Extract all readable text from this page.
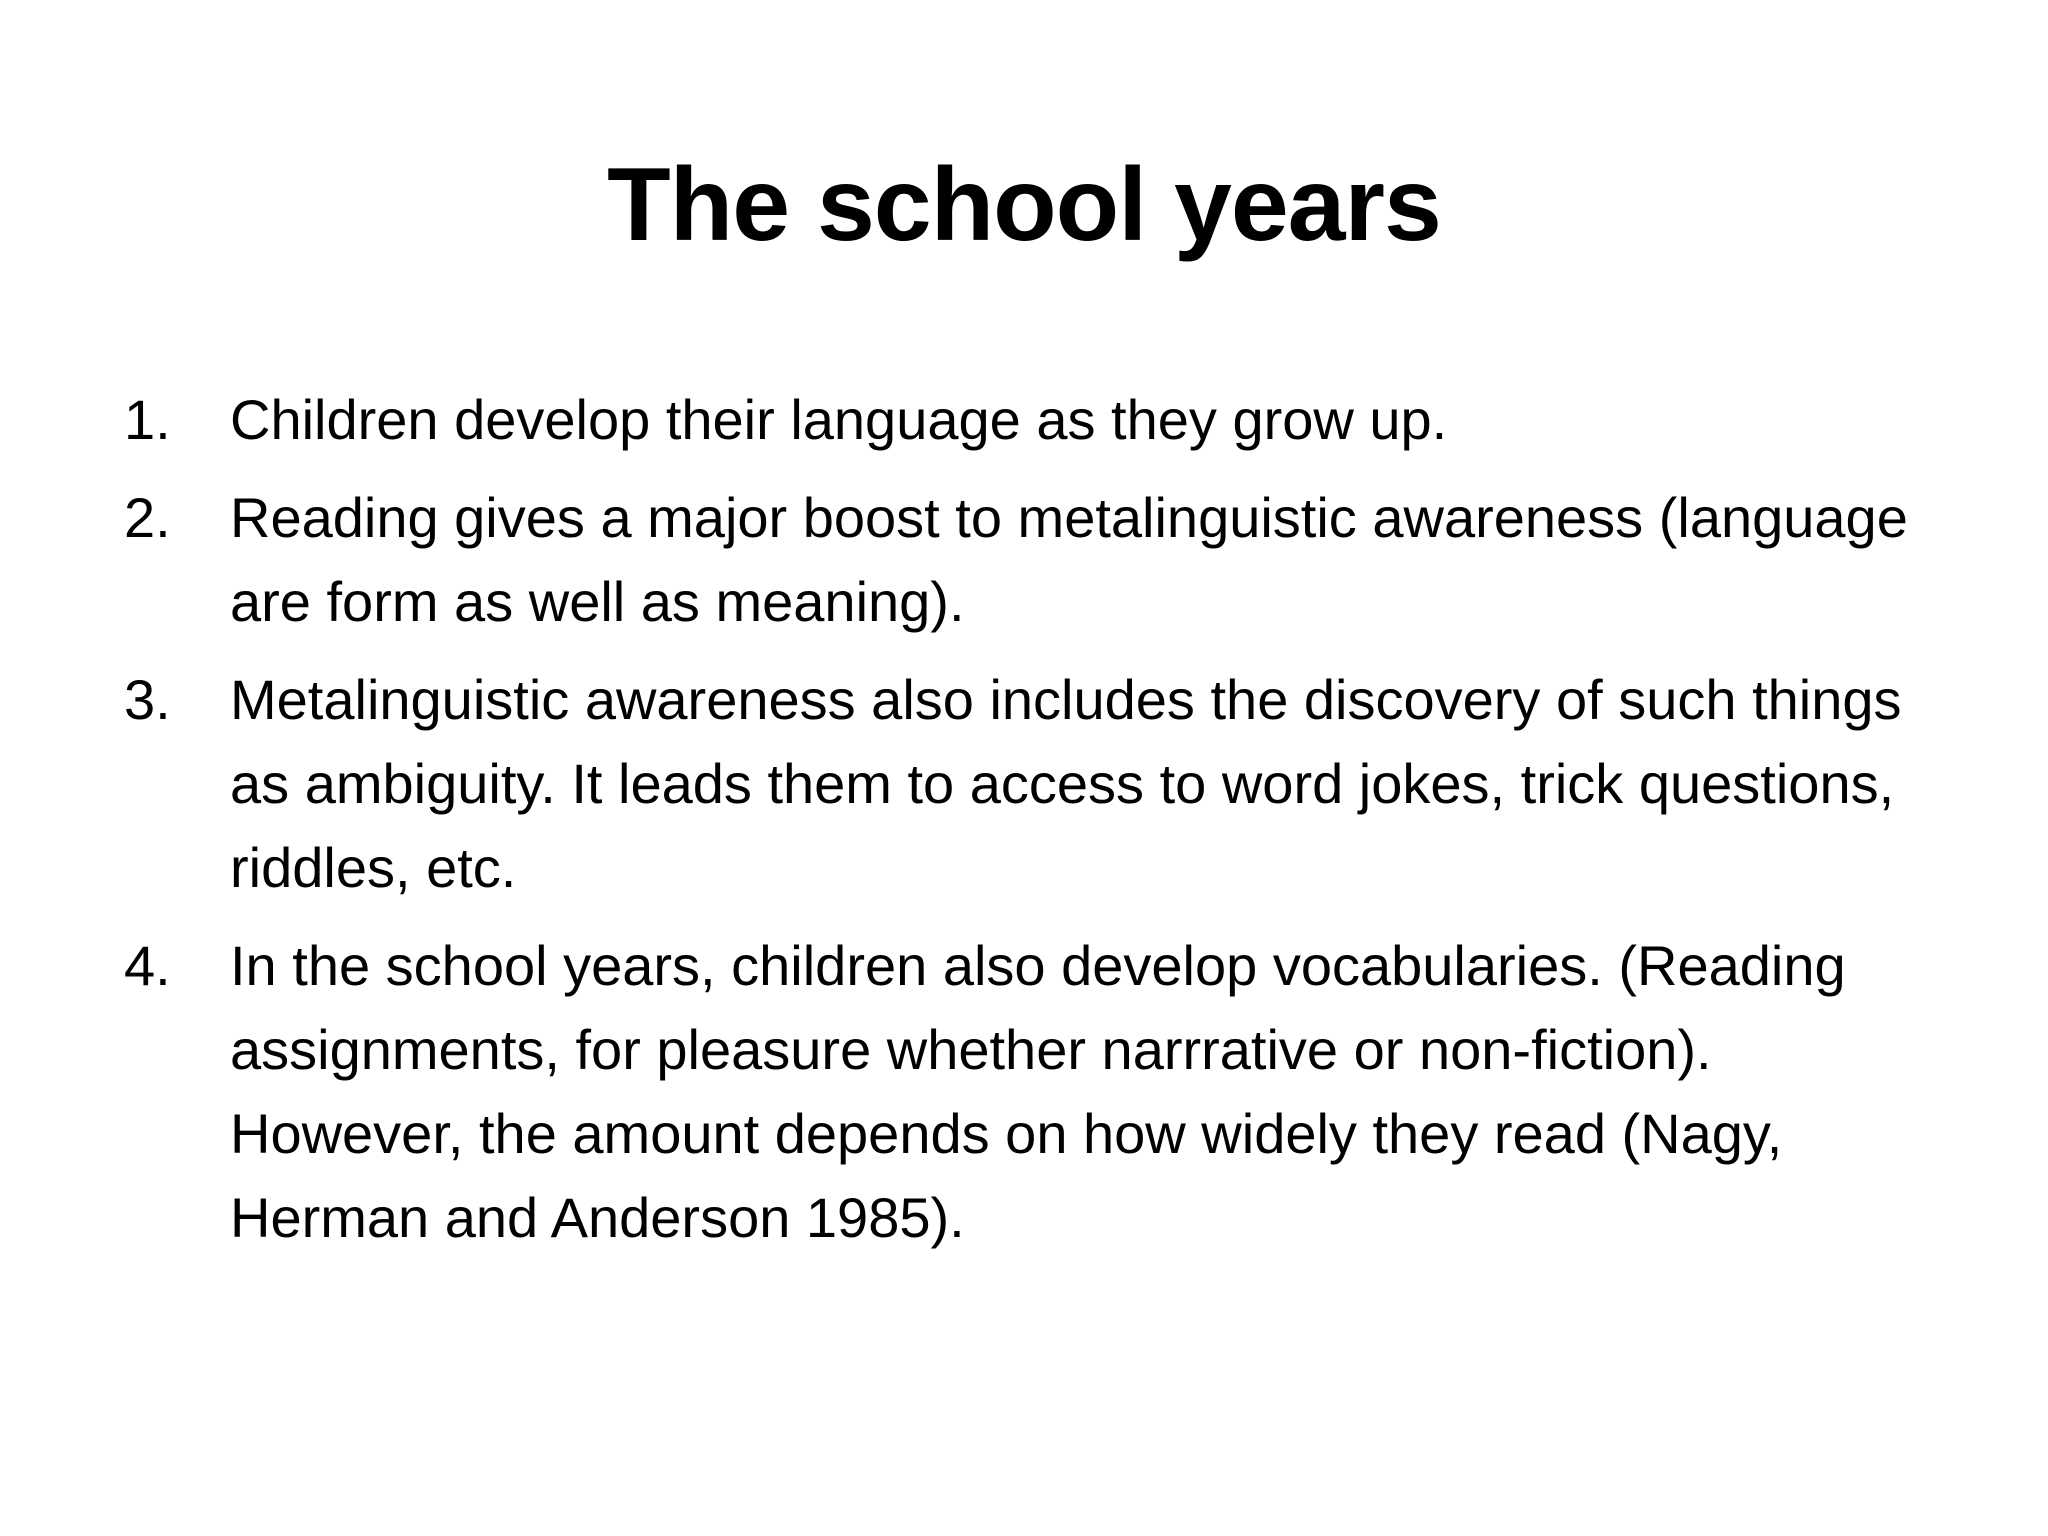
The school years
1. Children develop their language as they grow up.
2. Reading gives a major boost to metalinguistic awareness (language are form as well as meaning).
3. Metalinguistic awareness also includes the discovery of such things as ambiguity. It leads them to access to word jokes, trick questions, riddles, etc.
4. In the school years, children also develop vocabularies. (Reading assignments, for pleasure whether narrrative or non-fiction). However, the amount depends on how widely they read (Nagy, Herman and Anderson 1985).
